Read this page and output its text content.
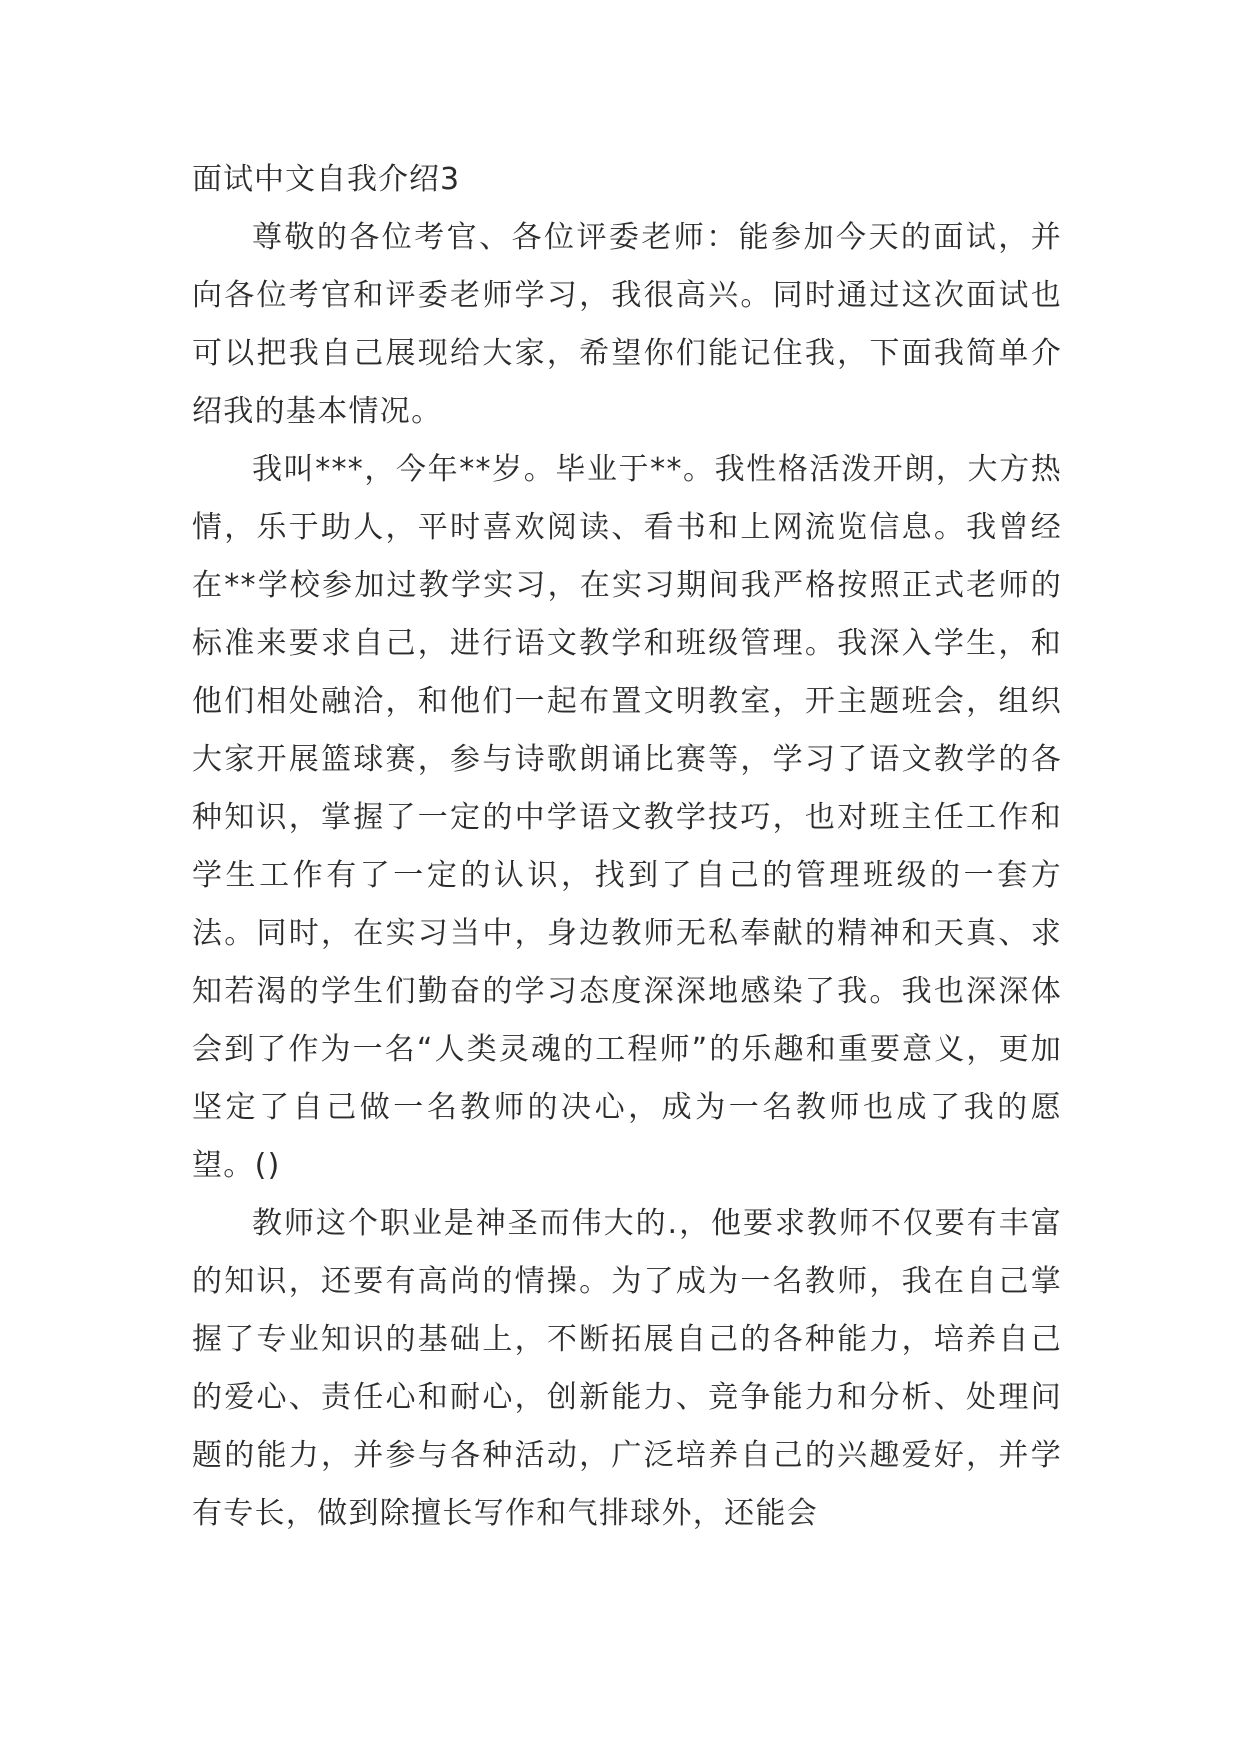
面试中文自我介绍3

尊敬的各位考官、各位评委老师：能参加今天的面试，并向各位考官和评委老师学习，我很高兴。同时通过这次面试也可以把我自己展现给大家，希望你们能记住我，下面我简单介绍我的基本情况。

我叫***，今年**岁。毕业于**。我性格活泼开朗，大方热情，乐于助人，平时喜欢阅读、看书和上网流览信息。我曾经在**学校参加过教学实习，在实习期间我严格按照正式老师的标准来要求自己，进行语文教学和班级管理。我深入学生，和他们相处融洽，和他们一起布置文明教室，开主题班会，组织大家开展篮球赛，参与诗歌朗诵比赛等，学习了语文教学的各种知识，掌握了一定的中学语文教学技巧，也对班主任工作和学生工作有了一定的认识，找到了自己的管理班级的一套方法。同时，在实习当中，身边教师无私奉献的精神和天真、求知若渴的学生们勤奋的学习态度深深地感染了我。我也深深体会到了作为一名“人类灵魂的工程师”的乐趣和重要意义，更加坚定了自己做一名教师的决心，成为一名教师也成了我的愿望。()

教师这个职业是神圣而伟大的.，他要求教师不仅要有丰富的知识，还要有高尚的情操。为了成为一名教师，我在自己掌握了专业知识的基础上，不断拓展自己的各种能力，培养自己的爱心、责任心和耐心，创新能力、竞争能力和分析、处理问题的能力，并参与各种活动，广泛培养自己的兴趣爱好，并学有专长，做到除擅长写作和气排球外，还能会
